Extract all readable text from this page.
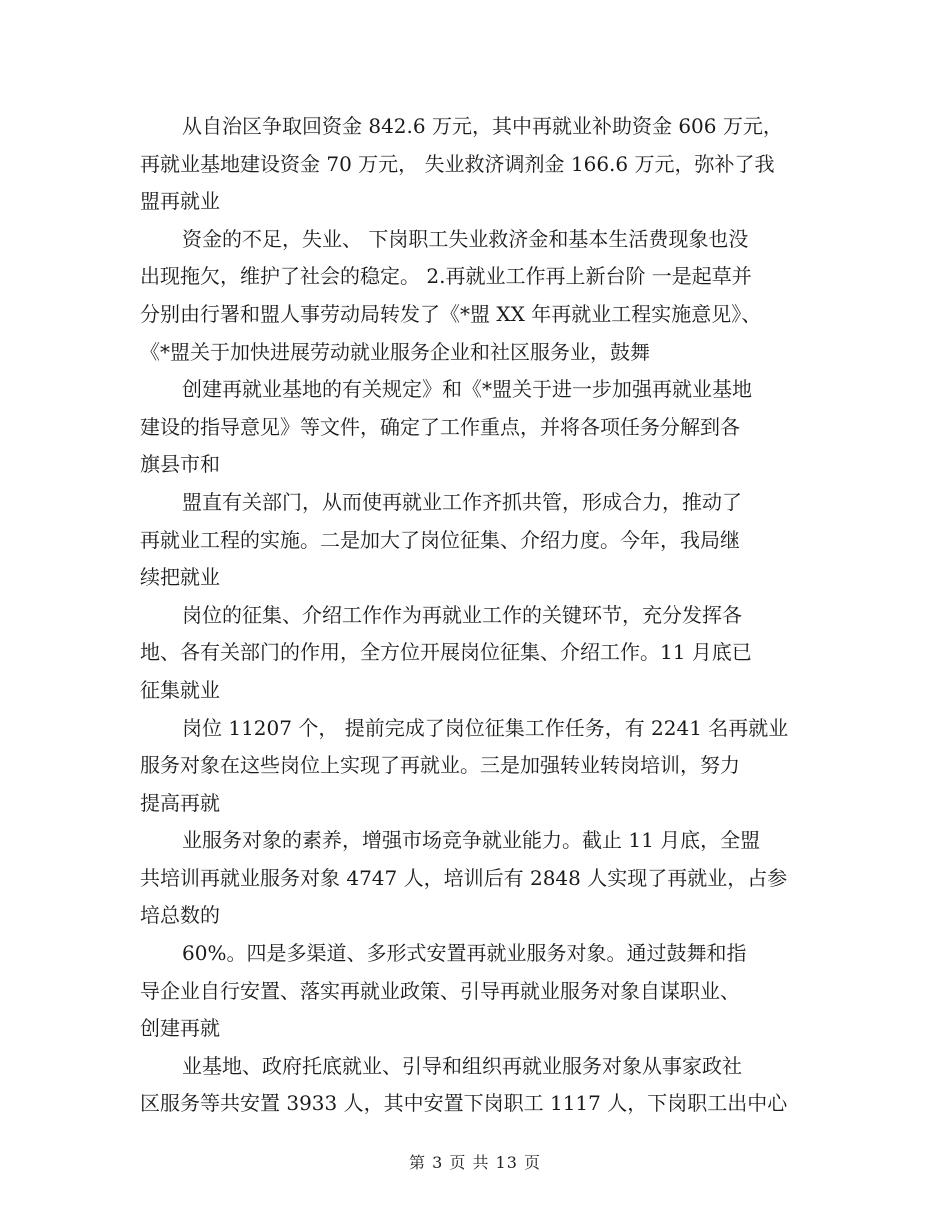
从自治区争取回资金 842.6 万元，其中再就业补助资金 606 万元，
再就业基地建设资金 70 万元， 失业救济调剂金 166.6 万元，弥补了我
盟再就业
资金的不足，失业、 下岗职工失业救济金和基本生活费现象也没
出现拖欠，维护了社会的稳定。 2.再就业工作再上新台阶 一是起草并
分别由行署和盟人事劳动局转发了《*盟 XX 年再就业工程实施意见》、
《*盟关于加快进展劳动就业服务企业和社区服务业，鼓舞
创建再就业基地的有关规定》和《*盟关于进一步加强再就业基地
建设的指导意见》等文件，确定了工作重点，并将各项任务分解到各
旗县市和
盟直有关部门，从而使再就业工作齐抓共管，形成合力，推动了
再就业工程的实施。二是加大了岗位征集、介绍力度。今年，我局继
续把就业
岗位的征集、介绍工作作为再就业工作的关键环节，充分发挥各
地、各有关部门的作用，全方位开展岗位征集、介绍工作。11 月底已
征集就业
岗位 11207 个， 提前完成了岗位征集工作任务，有 2241 名再就业
服务对象在这些岗位上实现了再就业。三是加强转业转岗培训，努力
提高再就
业服务对象的素养，增强市场竞争就业能力。截止 11 月底，全盟
共培训再就业服务对象 4747 人，培训后有 2848 人实现了再就业，占参
培总数的
60%。四是多渠道、多形式安置再就业服务对象。通过鼓舞和指
导企业自行安置、落实再就业政策、引导再就业服务对象自谋职业、
创建再就
业基地、政府托底就业、引导和组织再就业服务对象从事家政社
区服务等共安置 3933 人，其中安置下岗职工 1117 人，下岗职工出中心
第 3 页 共 13 页
